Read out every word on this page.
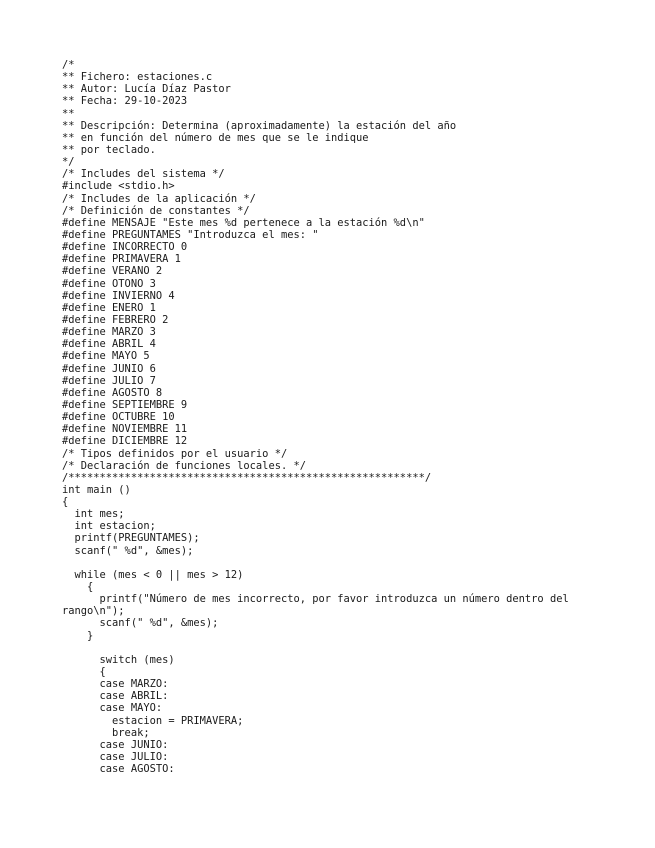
/*
** Fichero: estaciones.c
** Autor: Lucía Díaz Pastor
** Fecha: 29-10-2023
**
** Descripción: Determina (aproximadamente) la estación del año
** en función del número de mes que se le indique
** por teclado.
*/
/* Includes del sistema */
#include <stdio.h>
/* Includes de la aplicación */
/* Definición de constantes */
#define MENSAJE "Este mes %d pertenece a la estación %d\n"
#define PREGUNTAMES "Introduzca el mes: "
#define INCORRECTO 0
#define PRIMAVERA 1
#define VERANO 2
#define OTONO 3
#define INVIERNO 4
#define ENERO 1
#define FEBRERO 2
#define MARZO 3
#define ABRIL 4
#define MAYO 5
#define JUNIO 6
#define JULIO 7
#define AGOSTO 8
#define SEPTIEMBRE 9
#define OCTUBRE 10
#define NOVIEMBRE 11
#define DICIEMBRE 12
/* Tipos definidos por el usuario */
/* Declaración de funciones locales. */
/*********************************************************/
int main ()
{
int mes;
int estacion;
printf(PREGUNTAMES);
scanf(" %d", &mes);
while (mes < 0 || mes > 12)
{
printf("Número de mes incorrecto, por favor introduzca un número dentro del
rango\n");
scanf(" %d", &mes);
}
switch (mes)
{
case MARZO:
case ABRIL:
case MAYO:
estacion = PRIMAVERA;
break;
case JUNIO:
case JULIO:
case AGOSTO:
